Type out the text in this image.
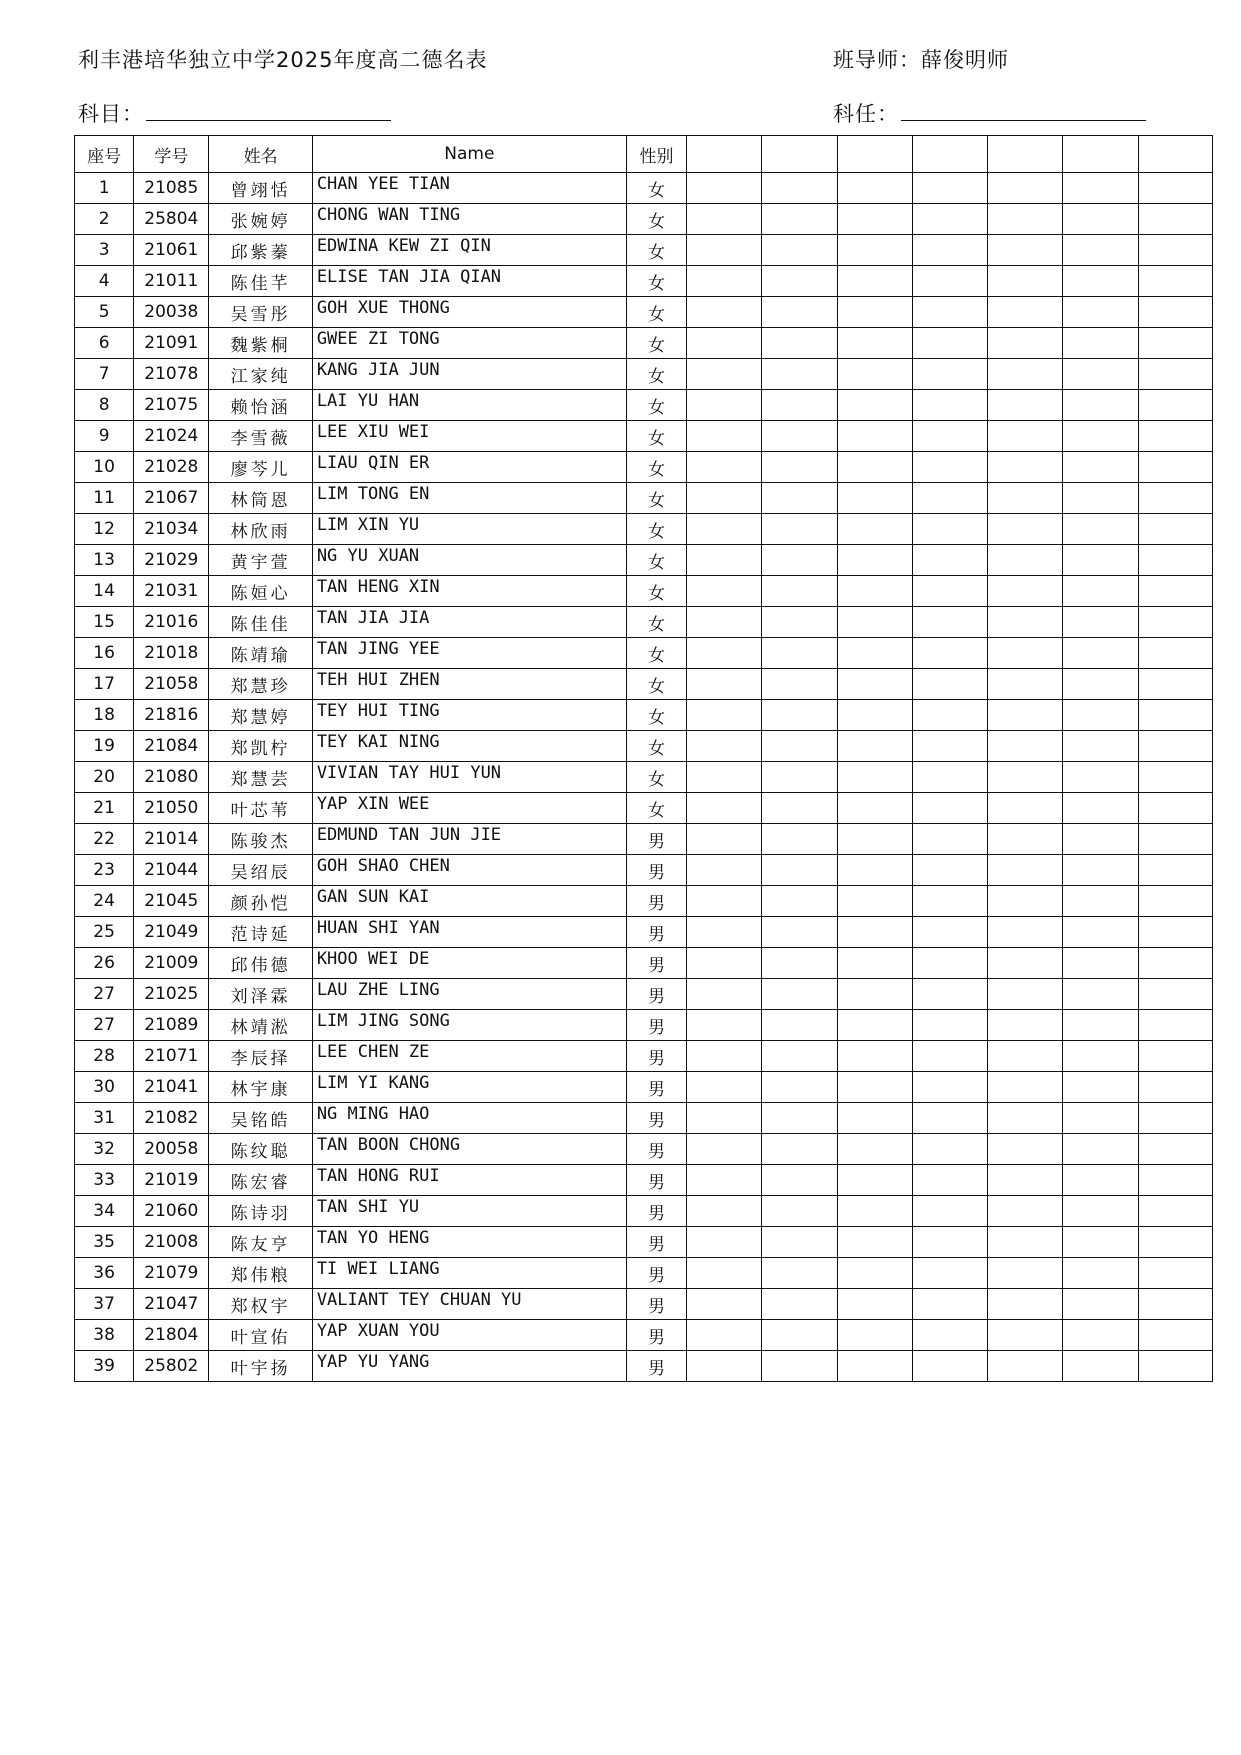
利丰港培华独立中学2025年度高二德名表	班导师：薛俊明师
科目：	科任：
座号	学号	姓名	Name	性别							
1	21085	曾翊恬	CHAN YEE TIAN	女							
2	25804	张婉婷	CHONG WAN TING	女							
3	21061	邱紫蓁	EDWINA KEW ZI QIN	女							
4	21011	陈佳芊	ELISE TAN JIA QIAN	女							
5	20038	吴雪彤	GOH XUE THONG	女							
6	21091	魏紫桐	GWEE ZI TONG	女							
7	21078	江家纯	KANG JIA JUN	女							
8	21075	赖怡涵	LAI YU HAN	女							
9	21024	李雪薇	LEE XIU WEI	女							
10	21028	廖芩儿	LIAU QIN ER	女							
11	21067	林筒恩	LIM TONG EN	女							
12	21034	林欣雨	LIM XIN YU	女							
13	21029	黄宇萱	NG YU XUAN	女							
14	21031	陈姮心	TAN HENG XIN	女							
15	21016	陈佳佳	TAN JIA JIA	女							
16	21018	陈靖瑜	TAN JING YEE	女							
17	21058	郑慧珍	TEH HUI ZHEN	女							
18	21816	郑慧婷	TEY HUI TING	女							
19	21084	郑凯柠	TEY KAI NING	女							
20	21080	郑慧芸	VIVIAN TAY HUI YUN	女							
21	21050	叶芯苇	YAP XIN WEE	女							
22	21014	陈骏杰	EDMUND TAN JUN JIE	男							
23	21044	吴绍辰	GOH SHAO CHEN	男							
24	21045	颜孙恺	GAN SUN KAI	男							
25	21049	范诗延	HUAN SHI YAN	男							
26	21009	邱伟德	KHOO WEI DE	男							
27	21025	刘泽霖	LAU ZHE LING	男							
27	21089	林靖淞	LIM JING SONG	男							
28	21071	李辰择	LEE CHEN ZE	男							
30	21041	林宇康	LIM YI KANG	男							
31	21082	吴铭皓	NG MING HAO	男							
32	20058	陈纹聪	TAN BOON CHONG	男							
33	21019	陈宏睿	TAN HONG RUI	男							
34	21060	陈诗羽	TAN SHI YU	男							
35	21008	陈友亨	TAN YO HENG	男							
36	21079	郑伟粮	TI WEI LIANG	男							
37	21047	郑权宇	VALIANT TEY CHUAN YU	男							
38	21804	叶宣佑	YAP XUAN YOU	男							
39	25802	叶宇扬	YAP YU YANG	男							
